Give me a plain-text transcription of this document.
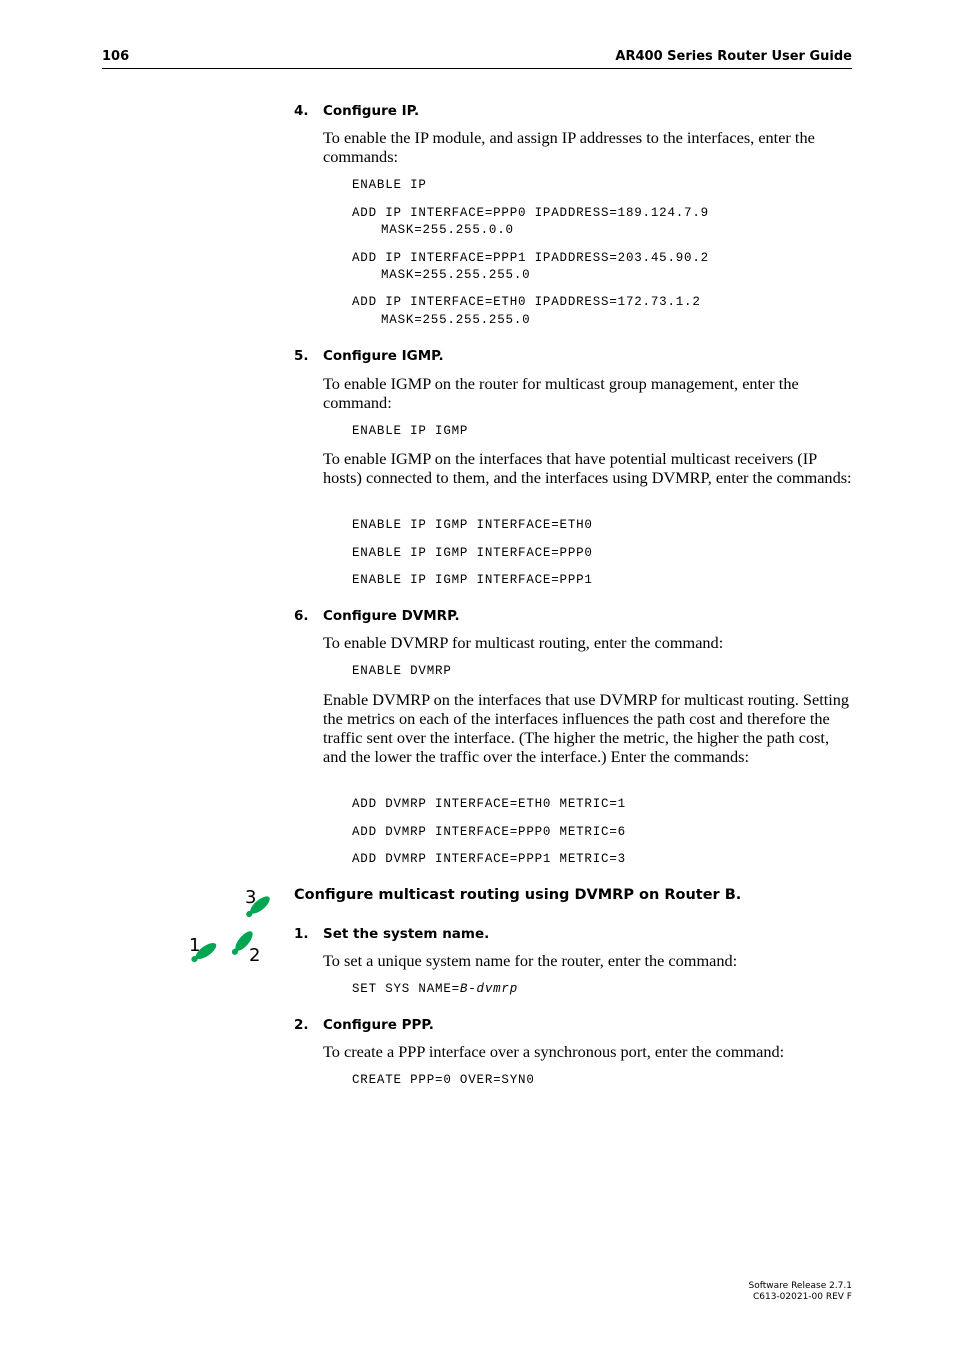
106	AR400 Series Router User Guide
4. Configure IP.
To enable the IP module, and assign IP addresses to the interfaces, enter the commands:
ENABLE IP
ADD IP INTERFACE=PPP0 IPADDRESS=189.124.7.9
MASK=255.255.0.0
ADD IP INTERFACE=PPP1 IPADDRESS=203.45.90.2
MASK=255.255.255.0
ADD IP INTERFACE=ETH0 IPADDRESS=172.73.1.2
MASK=255.255.255.0
5. Configure IGMP.
To enable IGMP on the router for multicast group management, enter the command:
ENABLE IP IGMP
To enable IGMP on the interfaces that have potential multicast receivers (IP hosts) connected to them, and the interfaces using DVMRP, enter the commands:
ENABLE IP IGMP INTERFACE=ETH0
ENABLE IP IGMP INTERFACE=PPP0
ENABLE IP IGMP INTERFACE=PPP1
6. Configure DVMRP.
To enable DVMRP for multicast routing, enter the command:
ENABLE DVMRP
Enable DVMRP on the interfaces that use DVMRP for multicast routing. Setting the metrics on each of the interfaces influences the path cost and therefore the traffic sent over the interface. (The higher the metric, the higher the path cost, and the lower the traffic over the interface.) Enter the commands:
ADD DVMRP INTERFACE=ETH0 METRIC=1
ADD DVMRP INTERFACE=PPP0 METRIC=6
ADD DVMRP INTERFACE=PPP1 METRIC=3
3
1	2
Configure multicast routing using DVMRP on Router B.
1. Set the system name.
To set a unique system name for the router, enter the command:
SET SYS NAME=B-dvmrp
2. Configure PPP.
To create a PPP interface over a synchronous port, enter the command:
CREATE PPP=0 OVER=SYN0
Software Release 2.7.1
C613-02021-00 REV F
